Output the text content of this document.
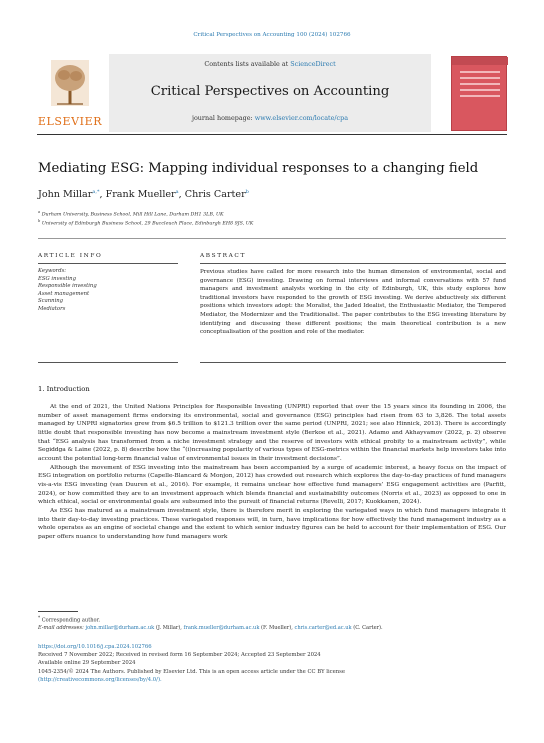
Critical Perspectives on Accounting 100 (2024) 102766
ELSEVIER
Contents lists available at ScienceDirect
Critical Perspectives on Accounting
journal homepage: www.elsevier.com/locate/cpa
Mediating ESG: Mapping individual responses to a changing field
John Millar$^{a,*}$, Frank Mueller$^a$, Chris Carter$^b$
$^a$ Durham University, Business School, Mill Hill Lane, Durham DH1 3LB, UK
$^b$ University of Edinburgh Business School, 29 Buccleuch Place, Edinburgh EH8 9JS, UK
ARTICLE INFO	ABSTRACT
Keywords:
ESG investing
Responsible investing
Asset management
Scanning
Mediators
Previous studies have called for more research into the human dimension of environmental, social and governance (ESG) investing. Drawing on formal interviews and informal conversations with 57 fund managers and investment analysts working in the city of Edinburgh, UK, this study explores how traditional investors have responded to the growth of ESG investing. We derive abductively six different positions which investors adopt: the Moralist, the Jaded Idealist, the Enthusiastic Mediator, the Tempered Mediator, the Modernizer and the Traditionalist. The paper contributes to the ESG investing literature by identifying and discussing these different positions; the main theoretical contribution is a new conceptualisation of the position and role of the mediator.
1. Introduction

At the end of 2021, the United Nations Principles for Responsible Investing (UNPRI) reported that over the 15 years since its founding in 2006, the number of asset management firms endorsing its environmental, social and governance (ESG) principles had risen from 63 to 3,826. The total assets managed by UNPRI signatories grew from $6.5 trillion to $121.3 trillion over the same period (UNPRI, 2021; see also Hinnick, 2013). There is accordingly little doubt that responsible investing has now become a mainstream investment style (Berkoe et al., 2021). Adamo and Akhayvamov (2022, p. 2) observe that “ESG analysis has transformed from a niche investment strategy and the reserve of investors with ethical probity to a mainstream activity”, while Segiddga & Laine (2022, p. 8) describe how the “(i)ncreasing popularity of various types of ESG-metrics within the financial markets help investors take into account the potential long-term financial value of environmental issues in their investment decisions”.

Although the movement of ESG investing into the mainstream has been accompanied by a surge of academic interest, a heavy focus on the impact of ESG integration on portfolio returns (Capelle-Blancard & Monjon, 2012) has crowded out research which explores the day-to-day practices of fund managers vis-a-vis ESG investing (van Duuren et al., 2016). For example, it remains unclear how effective fund managers’ ESG engagement activities are (Parfitt, 2024), or how committed they are to an investment approach which blends financial and sustainability outcomes (Norris et al., 2023) as opposed to one in which ethical, social or environmental goals are subsumed into the pursuit of financial returns (Revelli, 2017; Kuokkanen, 2024).

As ESG has matured as a mainstream investment style, there is therefore merit in exploring the variegated ways in which fund managers integrate it into their day-to-day investing practices. These variegated responses will, in turn, have implications for how effectively the fund management industry as a whole operates as an engine of societal change and the extent to which senior industry figures can be held to account for their implementation of ESG. Our paper offers nuance to understanding how fund managers work

* Corresponding author.
E-mail addresses: john.millar@durham.ac.uk (J. Millar), frank.mueller@durham.ac.uk (F. Mueller), chris.carter@ed.ac.uk (C. Carter).
https://doi.org/10.1016/j.cpa.2024.102766
Received 7 November 2022; Received in revised form 16 September 2024; Accepted 23 September 2024
Available online 29 September 2024
1045-2354/© 2024 The Authors. Published by Elsevier Ltd. This is an open access article under the CC BY license
(http://creativecommons.org/licenses/by/4.0/).
